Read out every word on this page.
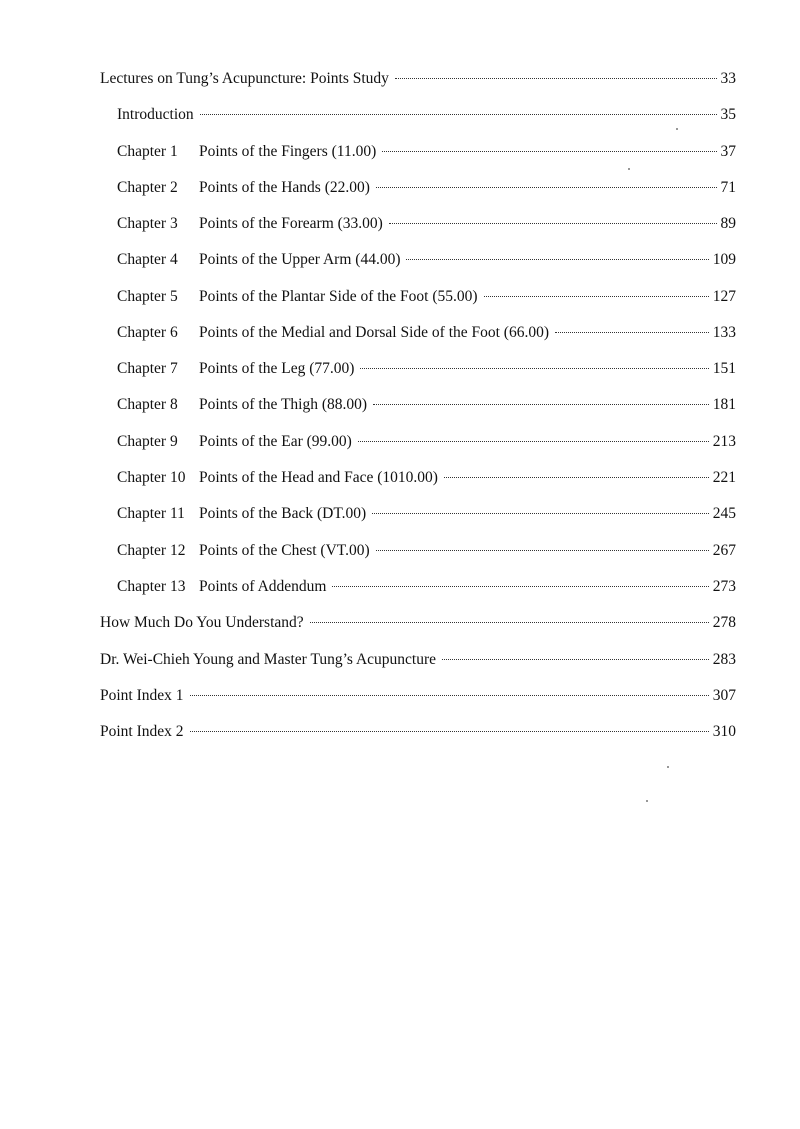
Lectures on Tung’s Acupuncture: Points Study	33
Introduction	35
Chapter 1	Points of the Fingers (11.00)	37
Chapter 2	Points of the Hands (22.00)	71
Chapter 3	Points of the Forearm (33.00)	89
Chapter 4	Points of the Upper Arm (44.00)	109
Chapter 5	Points of the Plantar Side of the Foot (55.00)	127
Chapter 6	Points of the Medial and Dorsal Side of the Foot (66.00)	133
Chapter 7	Points of the Leg (77.00)	151
Chapter 8	Points of the Thigh (88.00)	181
Chapter 9	Points of the Ear (99.00)	213
Chapter 10 Points of the Head and Face (1010.00)	221
Chapter 11 Points of the Back (DT.00)	245
Chapter 12 Points of the Chest (VT.00)	267
Chapter 13 Points of Addendum	273
How Much Do You Understand?	278
Dr. Wei-Chieh Young and Master Tung’s Acupuncture	283
Point Index 1	307
Point Index 2	310
